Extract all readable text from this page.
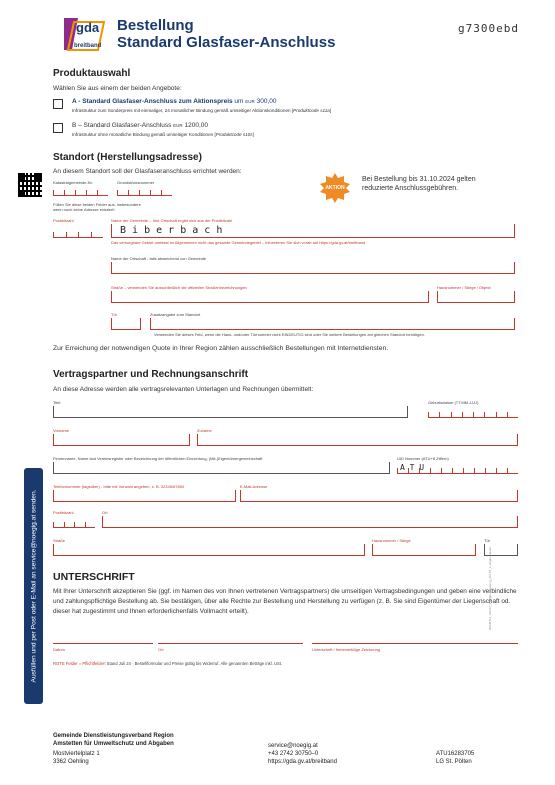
gda
breitband
Bestellung
Standard Glasfaser-Anschluss
g7300ebd
Produktauswahl
Wählen Sie aus einem der beiden Angebote:
A - Standard Glasfaser-Anschluss zum Aktionspreis um EUR 300,00
Infrastruktur zum Sonderpreis mit einmaliger, 24 monatlicher Bindung gemäß umseitiger Aktionskonditionen [Produktcode s11a]
B – Standard Glasfaser-Anschluss EUR 1200,00
Infrastruktur ohne monatliche Bindung gemäß umseitiger Konditionen [Produktcode s10s]
Standort (Herstellungsadresse)
An diesem Standort soll der Glasfaseranschluss errichtet werden:
Katastralgemeinde-Nr.	Grundstücksnummer
Füllen Sie diese beiden Felder aus, insbesondere wenn noch keine Adresse existiert!
AKTION
Bei Bestellung bis 31.10.2024 gelten reduzierte Anschlussgebühren.
Postleitzahl	Name der Gemeinde – Ihre Ortschaft ergibt sich aus der Postleitzahl
B i b e r b a c h
Das versorgbare Gebiet umfasst im Allgemeinen nicht das gesamte Gemeindegebiet – informieren Sie sich vorab auf https://gda.gv.at/breitband
Name der Ortschaft - falls abweichend von Gemeinde
Straße – verwenden Sie ausschließlich die offiziellen Straßenbezeichnungen	Hausnummer / Stiege / Objekt
Tür	Zusatzangabe zum Standort
Verwenden Sie dieses Feld, wenn die Haus- und/oder Türnummer nicht EINDEUTIG sind oder Sie weitere Bestellungen am gleichen Standort benötigen.
Zur Erreichung der notwendigen Quote in Ihrer Region zählen ausschließlich Bestellungen mit Internetdiensten.
Vertragspartner und Rechnungsanschrift
An diese Adresse werden alle vertragsrelevanten Unterlagen und Rechnungen übermittelt:
Titel	Geburtsdatum (TT.MM.JJJJ)
Vorname	Zuname
Firmenname, Name laut Vereinsregister oder Bezeichnung der öffentlichen Einrichtung, (Mit-)Eigentümergemeinschaft	UID Nummer (ATU+8 Ziffern)
A T U
Telefonnummer (tagsüber) - bitte mit Vorwahl angeben, z. B. 02345/67890	E-Mail-Adresse
Postleitzahl	Ort
Straße	Hausnummer / Stiege	Tür
UNTERSCHRIFT
Mit Ihrer Unterschrift akzeptieren Sie (ggf. im Namen des von Ihnen vertretenen Vertragspartners) die umseitigen Vertragsbedingungen und geben eine verbindliche und zahlungspflichtige Bestellung ab. Sie bestätigen, über alle Rechte zur Bestellung und Herstellung zu verfügen (z. B. Sie sind Eigentümer der Liegenschaft od. dieser hat zugestimmt und Ihnen erforderlichenfalls Vollmacht erteilt).
Datum	Ort	Unterschrift / firmenmäßige Zeichnung
ROTE Felder = Pflichtfelder! Stand Juli 24 · Bestellformular und Preise gültig bis Widerruf. Alle genannten Beträge inkl. USt.
Ausfüllen und per Post oder E-Mail an service@noegig.at senden.	20240711_v02.07_1.single-enquire-g_v02.07_1.single-anquire
Gemeinde Dienstleistungsverband Region
Amstetten für Umweltschutz und Abgaben
Mostviertelplatz 1
3362 Oehling
service@noegig.at
+43 2742 30750–0
https://gda.gv.at/breitband
ATU16283705
LG St. Pölten
